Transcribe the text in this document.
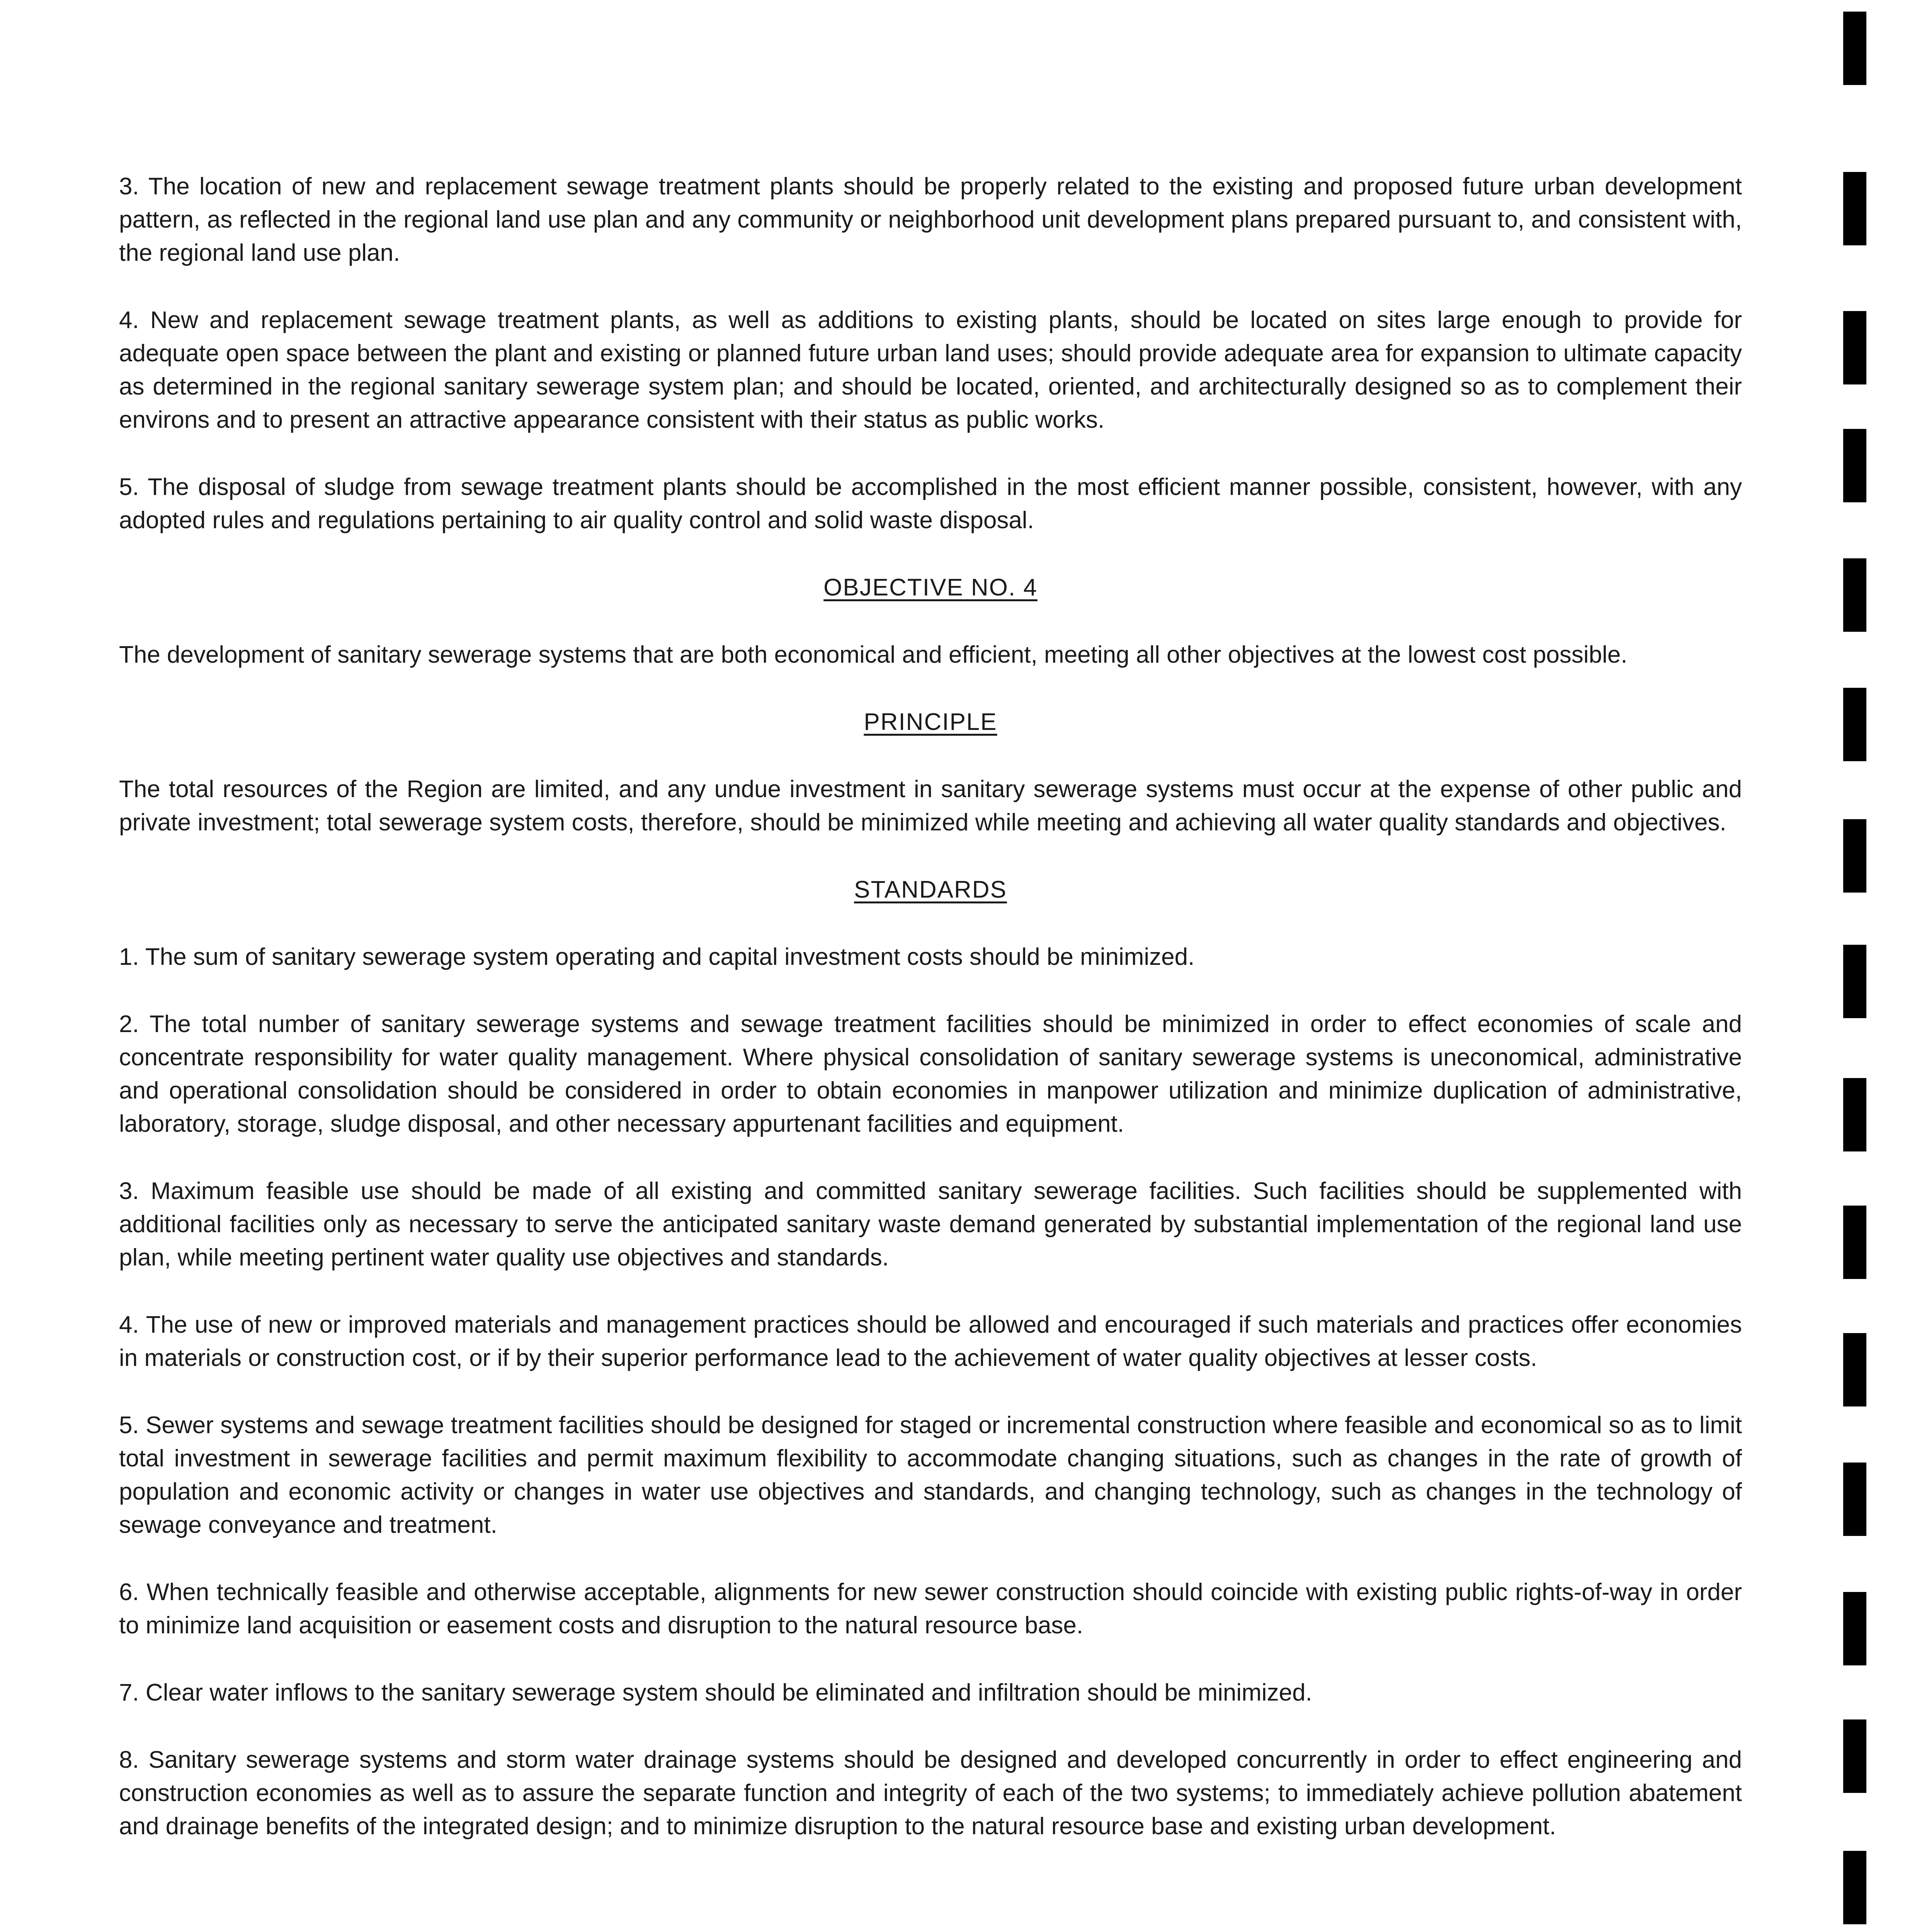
3. The location of new and replacement sewage treatment plants should be properly related to the existing and proposed future urban development pattern, as reflected in the regional land use plan and any community or neighborhood unit development plans prepared pursuant to, and consistent with, the regional land use plan.

4. New and replacement sewage treatment plants, as well as additions to existing plants, should be located on sites large enough to provide for adequate open space between the plant and existing or planned future urban land uses; should provide adequate area for expansion to ultimate capacity as determined in the regional sanitary sewerage system plan; and should be located, oriented, and architecturally designed so as to complement their environs and to present an attractive appearance consistent with their status as public works.

5. The disposal of sludge from sewage treatment plants should be accomplished in the most efficient manner possible, consistent, however, with any adopted rules and regulations pertaining to air quality control and solid waste disposal.

OBJECTIVE NO. 4

The development of sanitary sewerage systems that are both economical and efficient, meeting all other objectives at the lowest cost possible.

PRINCIPLE

The total resources of the Region are limited, and any undue investment in sanitary sewerage systems must occur at the expense of other public and private investment; total sewerage system costs, therefore, should be minimized while meeting and achieving all water quality standards and objectives.

STANDARDS

1. The sum of sanitary sewerage system operating and capital investment costs should be minimized.

2. The total number of sanitary sewerage systems and sewage treatment facilities should be minimized in order to effect economies of scale and concentrate responsibility for water quality management. Where physical consolidation of sanitary sewerage systems is uneconomical, administrative and operational consolidation should be considered in order to obtain economies in manpower utilization and minimize duplication of administrative, laboratory, storage, sludge disposal, and other necessary appurtenant facilities and equipment.

3. Maximum feasible use should be made of all existing and committed sanitary sewerage facilities. Such facilities should be supplemented with additional facilities only as necessary to serve the anticipated sanitary waste demand generated by substantial implementation of the regional land use plan, while meeting pertinent water quality use objectives and standards.

4. The use of new or improved materials and management practices should be allowed and encouraged if such materials and practices offer economies in materials or construction cost, or if by their superior performance lead to the achievement of water quality objectives at lesser costs.

5. Sewer systems and sewage treatment facilities should be designed for staged or incremental construction where feasible and economical so as to limit total investment in sewerage facilities and permit maximum flexibility to accommodate changing situations, such as changes in the rate of growth of population and economic activity or changes in water use objectives and standards, and changing technology, such as changes in the technology of sewage conveyance and treatment.

6. When technically feasible and otherwise acceptable, alignments for new sewer construction should coincide with existing public rights-of-way in order to minimize land acquisition or easement costs and disruption to the natural resource base.

7. Clear water inflows to the sanitary sewerage system should be eliminated and infiltration should be minimized.

8. Sanitary sewerage systems and storm water drainage systems should be designed and developed concurrently in order to effect engineering and construction economies as well as to assure the separate function and integrity of each of the two systems; to immediately achieve pollution abatement and drainage benefits of the integrated design; and to minimize disruption to the natural resource base and existing urban development.
